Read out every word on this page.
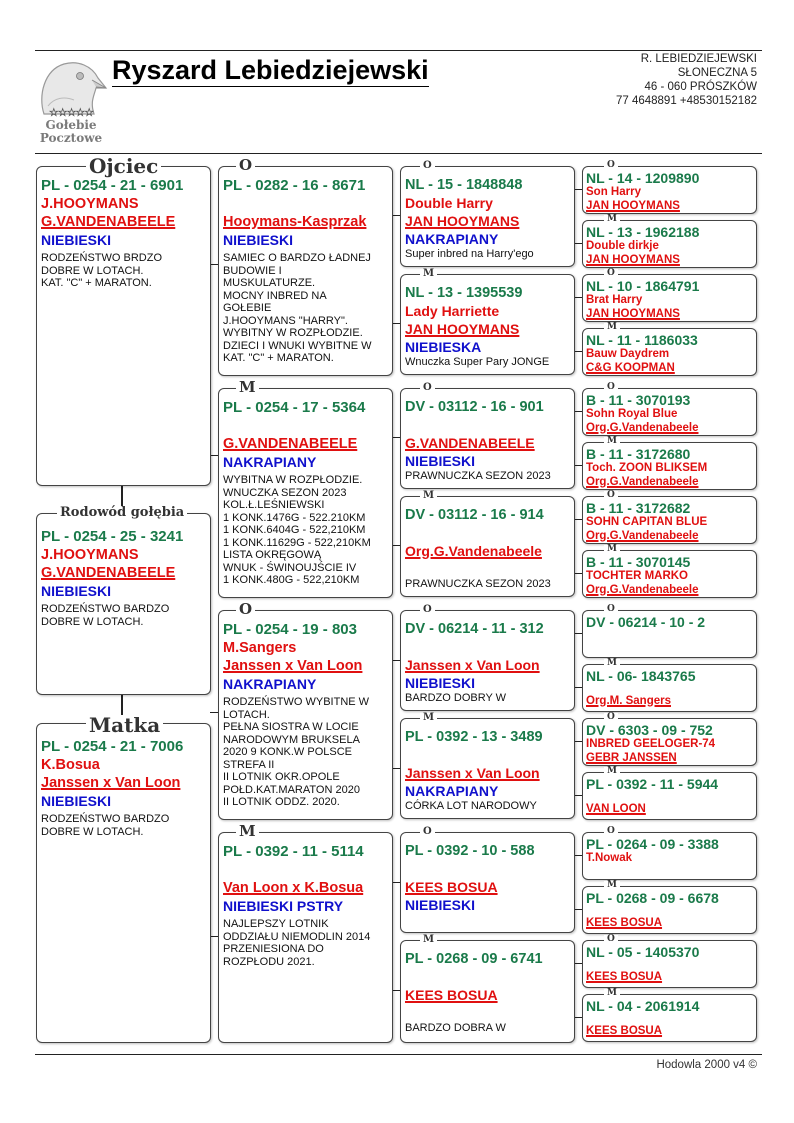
☆☆☆☆☆
Gołebie
Pocztowe
Ryszard Lebiedziejewski	R. LEBIEDZIEJEWSKI
SŁONECZNA 5
46 - 060 PRÓSZKÓW
77 4648891 +48530152182
PL - 0254 - 21 - 6901
J.HOOYMANS
G.VANDENABEELE
NIEBIESKI
RODZEŃSTWO BRDZO
DOBRE W LOTACH.
KAT. "C" + MARATON.
Ojciec
PL - 0254 - 25 - 3241
J.HOOYMANS
G.VANDENABEELE
NIEBIESKI
RODZEŃSTWO BARDZO
DOBRE W LOTACH.
Rodowód gołębia
PL - 0254 - 21 - 7006
K.Bosua
Janssen x Van Loon
NIEBIESKI
RODZEŃSTWO BARDZO
DOBRE W LOTACH.
Matka
PL - 0282 - 16 - 8671
Hooymans-Kasprzak
NIEBIESKI
SAMIEC O BARDZO ŁADNEJ
BUDOWIE I
MUSKULATURZE.
MOCNY INBRED NA
GOŁEBIE
J.HOOYMANS "HARRY".
WYBITNY W ROZPŁODZIE.
DZIECI I WNUKI WYBITNE W
KAT. "C" + MARATON.
O
PL - 0254 - 17 - 5364
G.VANDENABEELE
NAKRAPIANY
WYBITNA W ROZPŁODZIE.
WNUCZKA SEZON 2023
KOL.Ł.LEŚNIEWSKI
1 KONK.1476G - 522.210KM
1 KONK.6404G - 522,210KM
1 KONK.11629G - 522,210KM
LISTA OKRĘGOWĄ
WNUK - ŚWINOUJŚCIE IV
1 KONK.480G - 522,210KM
M
PL - 0254 - 19 - 803
M.Sangers
Janssen x Van Loon
NAKRAPIANY
RODZEŃSTWO WYBITNE W
LOTACH.
PEŁNA SIOSTRA W LOCIE
NARODOWYM BRUKSELA
2020 9 KONK.W POLSCE
STREFA II
II LOTNIK OKR.OPOLE
POŁD.KAT.MARATON 2020
II LOTNIK ODDZ. 2020.
O
PL - 0392 - 11 - 5114
Van Loon x K.Bosua
NIEBIESKI PSTRY
NAJLEPSZY LOTNIK
ODDZIAŁU NIEMODLIN 2014
PRZENIESIONA DO
ROZPŁODU 2021.
M
NL - 15 - 1848848
Double Harry
JAN HOOYMANS
NAKRAPIANY
Super inbred na Harry'ego
O
NL - 13 - 1395539
Lady Harriette
JAN HOOYMANS
NIEBIESKA
Wnuczka Super Pary JONGE
M
DV - 03112 - 16 - 901
G.VANDENABEELE
NIEBIESKI
PRAWNUCZKA SEZON 2023
O
DV - 03112 - 16 - 914
Org.G.Vandenabeele
PRAWNUCZKA SEZON 2023
M
DV - 06214 - 11 - 312
Janssen x Van Loon
NIEBIESKI
BARDZO DOBRY W
O
PL - 0392 - 13 - 3489
Janssen x Van Loon
NAKRAPIANY
CÓRKA LOT NARODOWY
M
PL - 0392 - 10 - 588
KEES BOSUA
NIEBIESKI
O
PL - 0268 - 09 - 6741
KEES BOSUA
BARDZO DOBRA W
M
NL - 14 - 1209890
Son Harry
JAN HOOYMANS
O
NL - 13 - 1962188
Double dirkje
JAN HOOYMANS
M
NL - 10 - 1864791
Brat Harry
JAN HOOYMANS
O
NL - 11 - 1186033
Bauw Daydrem
C&G KOOPMAN
M
B - 11 - 3070193
Sohn Royal Blue
Org.G.Vandenabeele
O
B - 11 - 3172680
Toch. ZOON BLIKSEM
Org.G.Vandenabeele
M
B - 11 - 3172682
SOHN CAPITAN BLUE
Org.G.Vandenabeele
O
B - 11 - 3070145
TOCHTER MARKO
Org.G.Vandenabeele
M
DV - 06214 - 10 - 2
O
NL - 06- 1843765
Org.M. Sangers
M
DV - 6303 - 09 - 752
INBRED GEELOGER-74
GEBR JANSSEN
O
PL - 0392 - 11 - 5944
VAN LOON
M
PL - 0264 - 09 - 3388
T.Nowak
O
PL - 0268 - 09 - 6678
KEES BOSUA
M
NL - 05 - 1405370
KEES BOSUA
O
NL - 04 - 2061914
KEES BOSUA
M
Hodowla 2000 v4 ©
